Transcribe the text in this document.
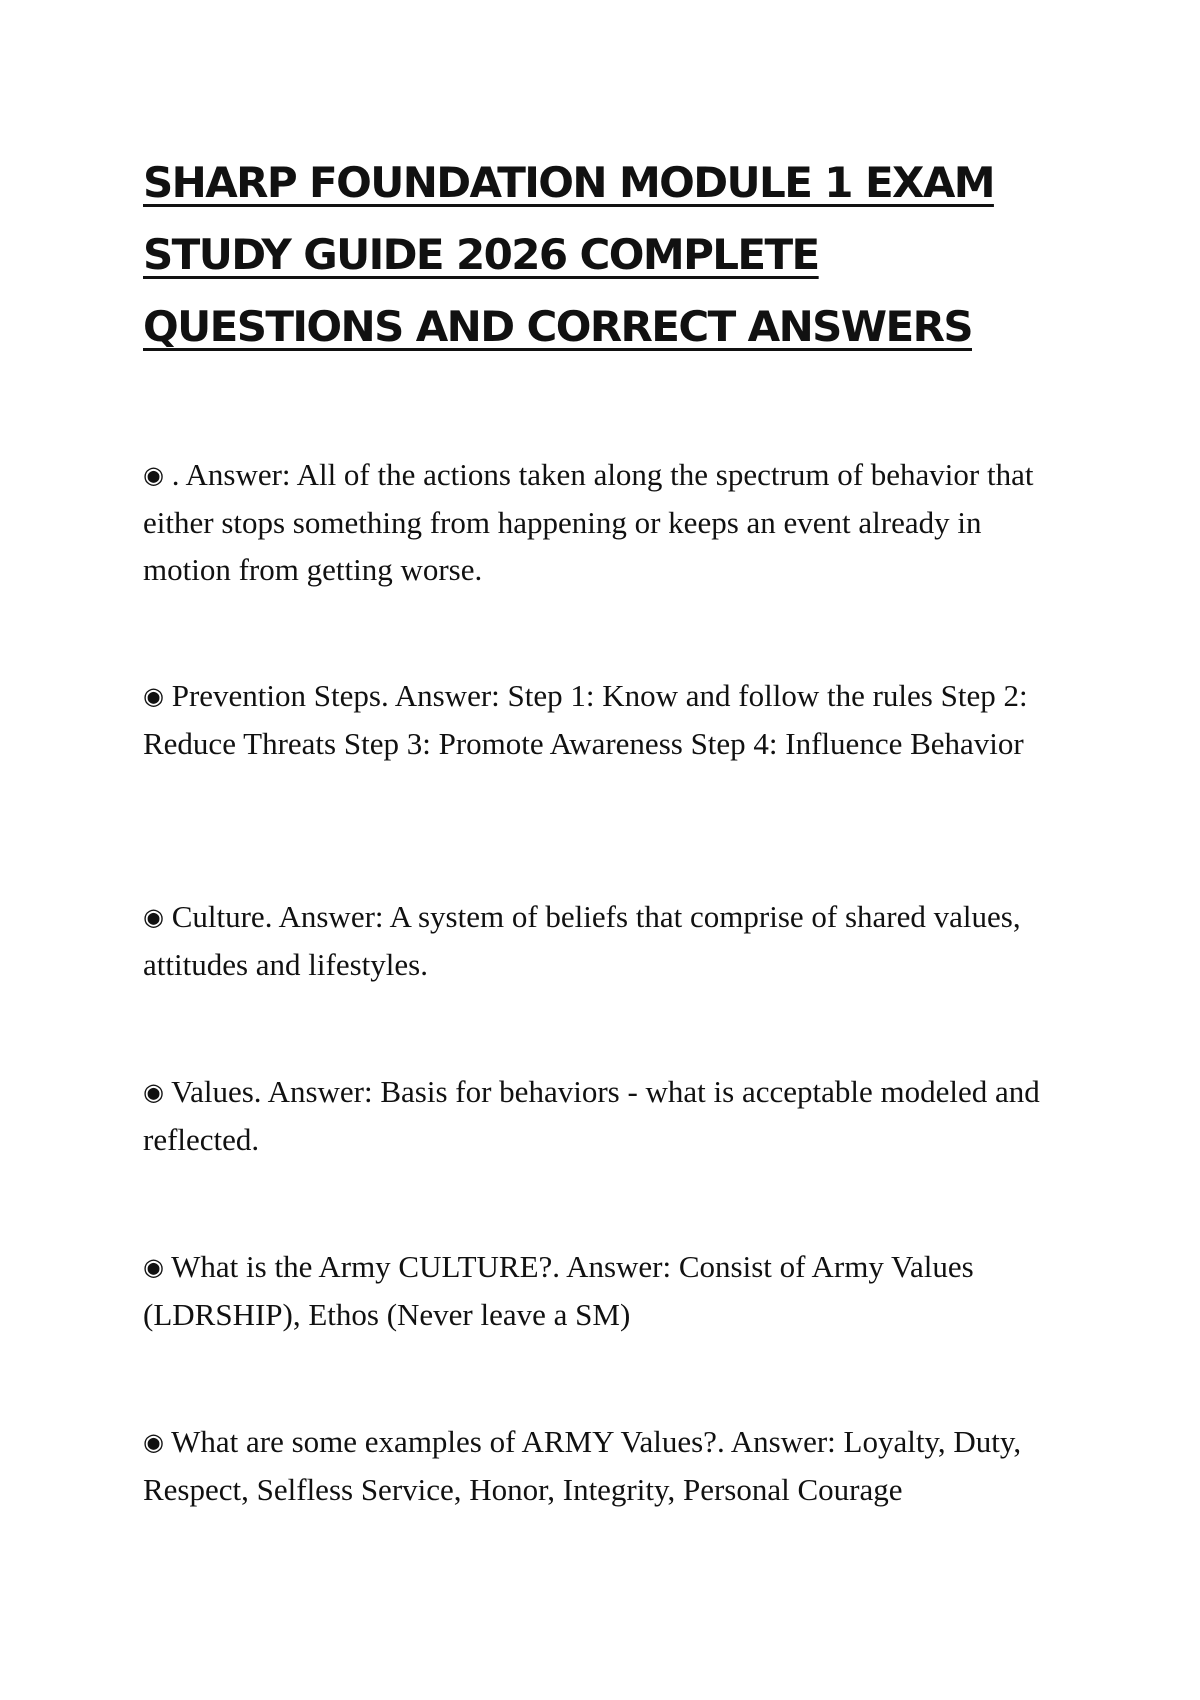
SHARP FOUNDATION MODULE 1 EXAM STUDY GUIDE 2026 COMPLETE QUESTIONS AND CORRECT ANSWERS

◉ . Answer: All of the actions taken along the spectrum of behavior that either stops something from happening or keeps an event already in motion from getting worse.

◉ Prevention Steps. Answer: Step 1: Know and follow the rules Step 2: Reduce Threats Step 3: Promote Awareness Step 4: Influence Behavior

◉ Culture. Answer: A system of beliefs that comprise of shared values, attitudes and lifestyles.

◉ Values. Answer: Basis for behaviors - what is acceptable modeled and reflected.

◉ What is the Army CULTURE?. Answer: Consist of Army Values (LDRSHIP), Ethos (Never leave a SM)

◉ What are some examples of ARMY Values?. Answer: Loyalty, Duty, Respect, Selfless Service, Honor, Integrity, Personal Courage
